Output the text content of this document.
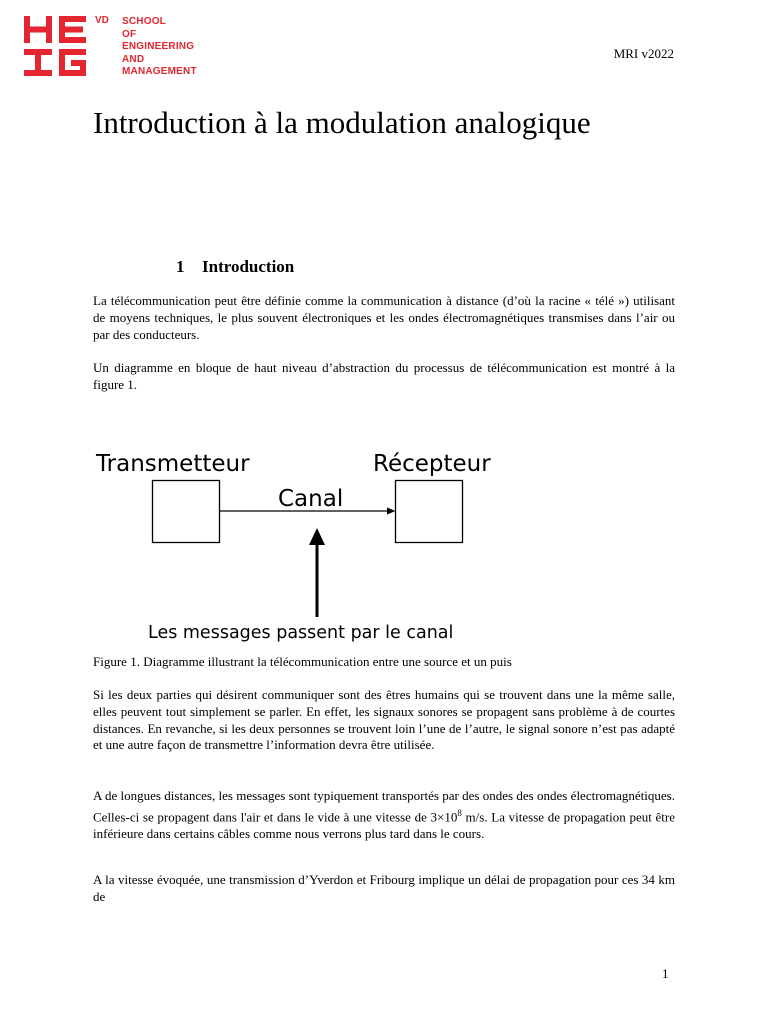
VD SCHOOL
OF
ENGINEERING
AND
MANAGEMENT
MRI v2022
Introduction à la modulation analogique
1 Introduction

La télécommunication peut être définie comme la communication à distance (d’où la racine « télé ») utilisant de moyens techniques, le plus souvent électroniques et les ondes électromagnétiques transmises dans l’air ou par des conducteurs.

Un diagramme en bloque de haut niveau d’abstraction du processus de télécommunication est montré à la figure 1.

Transmetteur	Récepteur
Canal
Les messages passent par le canal
Figure 1. Diagramme illustrant la télécommunication entre une source et un puis

Si les deux parties qui désirent communiquer sont des êtres humains qui se trouvent dans une la même salle, elles peuvent tout simplement se parler. En effet, les signaux sonores se propagent sans problème à de courtes distances. En revanche, si les deux personnes se trouvent loin l’une de l’autre, le signal sonore n’est pas adapté et une autre façon de transmettre l’information devra être utilisée.

A de longues distances, les messages sont typiquement transportés par des ondes des ondes électromagnétiques. Celles-ci se propagent dans l'air et dans le vide à une vitesse de $3\times 10^8$ m/s. La vitesse de propagation peut être inférieure dans certains câbles comme nous verrons plus tard dans le cours.

A la vitesse évoquée, une transmission d’Yverdon et Fribourg implique un délai de propagation pour ces 34 km de

1
